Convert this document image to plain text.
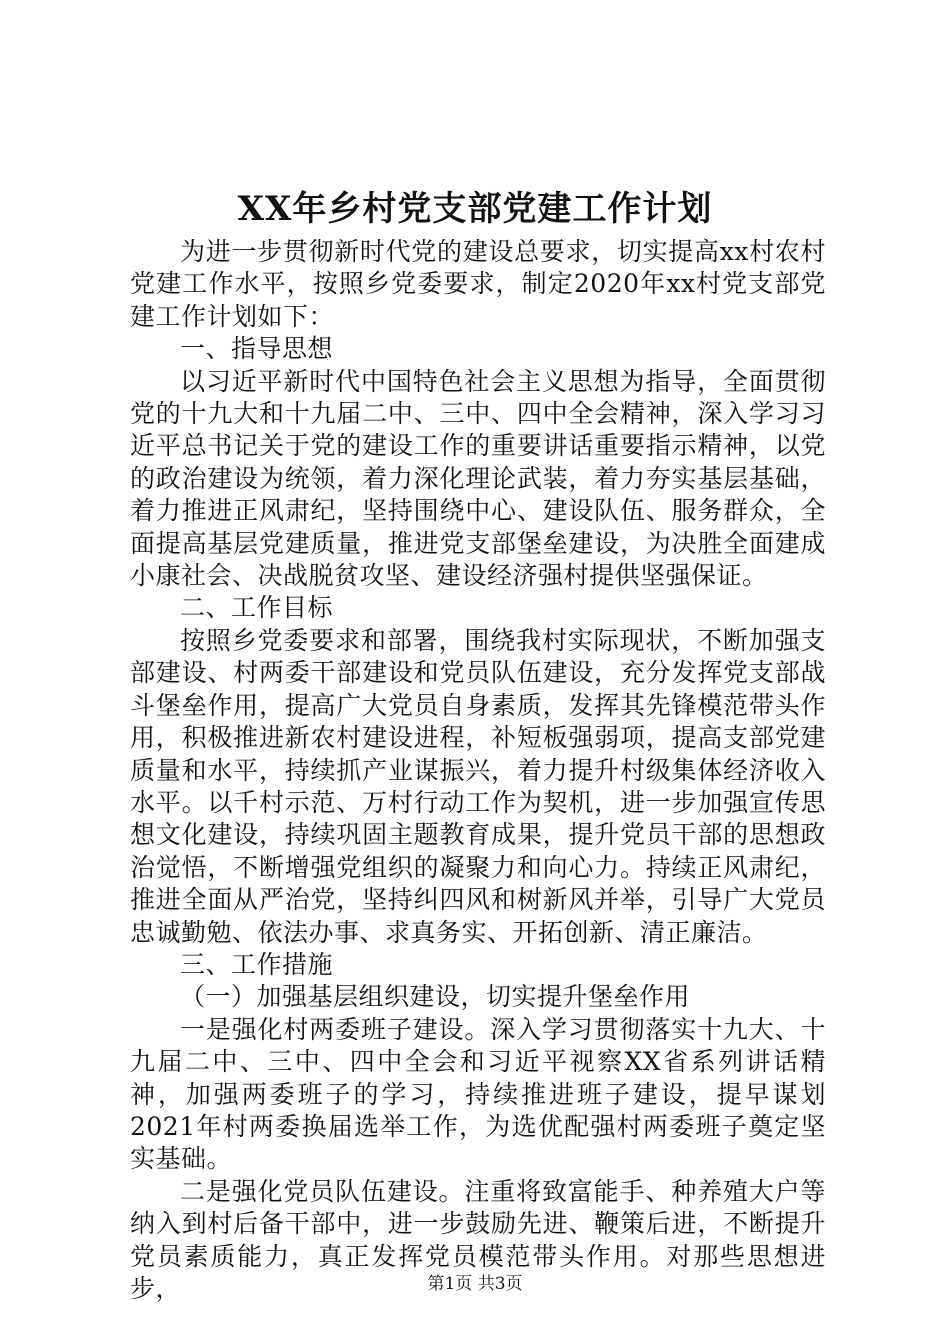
XX年乡村党支部党建工作计划

为进一步贯彻新时代党的建设总要求，切实提高xx村农村党建工作水平，按照乡党委要求，制定2020年xx村党支部党建工作计划如下：

一、指导思想

以习近平新时代中国特色社会主义思想为指导，全面贯彻党的十九大和十九届二中、三中、四中全会精神，深入学习习近平总书记关于党的建设工作的重要讲话重要指示精神，以党的政治建设为统领，着力深化理论武装，着力夯实基层基础，着力推进正风肃纪，坚持围绕中心、建设队伍、服务群众，全面提高基层党建质量，推进党支部堡垒建设，为决胜全面建成小康社会、决战脱贫攻坚、建设经济强村提供坚强保证。

二、工作目标

按照乡党委要求和部署，围绕我村实际现状，不断加强支部建设、村两委干部建设和党员队伍建设，充分发挥党支部战斗堡垒作用，提高广大党员自身素质，发挥其先锋模范带头作用，积极推进新农村建设进程，补短板强弱项，提高支部党建质量和水平，持续抓产业谋振兴，着力提升村级集体经济收入水平。以千村示范、万村行动工作为契机，进一步加强宣传思想文化建设，持续巩固主题教育成果，提升党员干部的思想政治觉悟，不断增强党组织的凝聚力和向心力。持续正风肃纪，推进全面从严治党，坚持纠四风和树新风并举，引导广大党员忠诚勤勉、依法办事、求真务实、开拓创新、清正廉洁。

三、工作措施

（一）加强基层组织建设，切实提升堡垒作用

一是强化村两委班子建设。深入学习贯彻落实十九大、十九届二中、三中、四中全会和习近平视察XX省系列讲话精神，加强两委班子的学习，持续推进班子建设，提早谋划2021年村两委换届选举工作，为选优配强村两委班子奠定坚实基础。

二是强化党员队伍建设。注重将致富能手、种养殖大户等纳入到村后备干部中，进一步鼓励先进、鞭策后进，不断提升党员素质能力，真正发挥党员模范带头作用。对那些思想进步，	第1页 共3页
